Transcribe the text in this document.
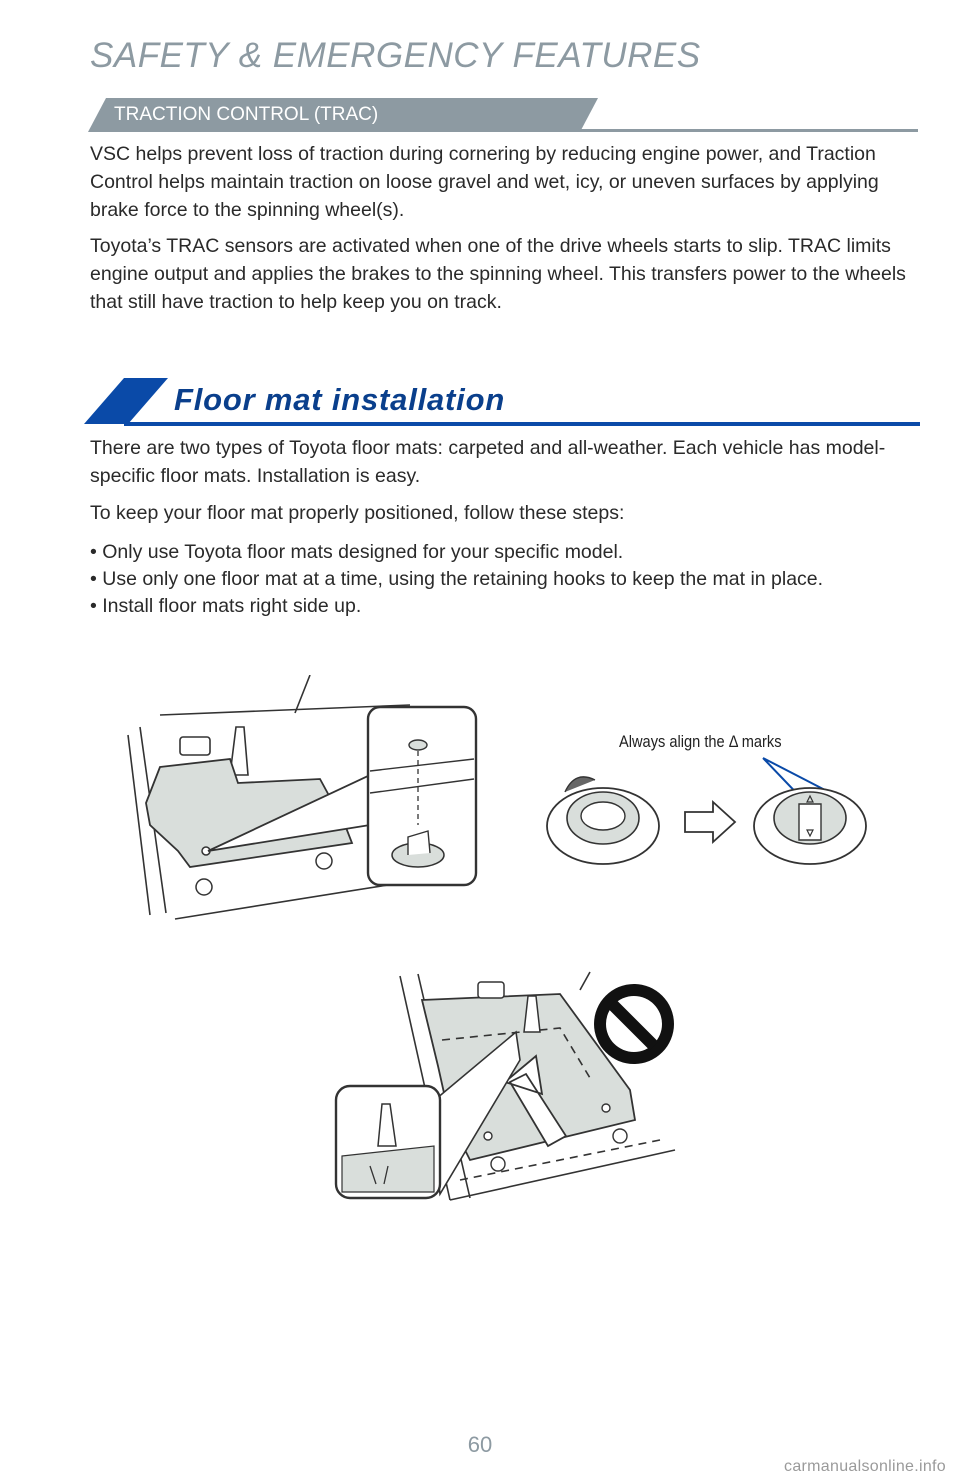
SAFETY & EMERGENCY FEATURES
TRACTION CONTROL (TRAC)

VSC helps prevent loss of traction during cornering by reducing engine power, and Traction Control helps maintain traction on loose gravel and wet, icy, or uneven surfaces by applying brake force to the spinning wheel(s).

Toyota’s TRAC sensors are activated when one of the drive wheels starts to slip. TRAC limits engine output and applies the brakes to the spinning wheel. This transfers power to the wheels that still have traction to help keep you on track.

Floor mat installation

There are two types of Toyota floor mats: carpeted and all-weather. Each vehicle has model-specific floor mats. Installation is easy.

To keep your floor mat properly positioned, follow these steps:

• Only use Toyota floor mats designed for your specific model.
• Use only one floor mat at a time, using the retaining hooks to keep the mat in place.
• Install floor mats right side up.
Always align the Δ marks
60
carmanualsonline.info
